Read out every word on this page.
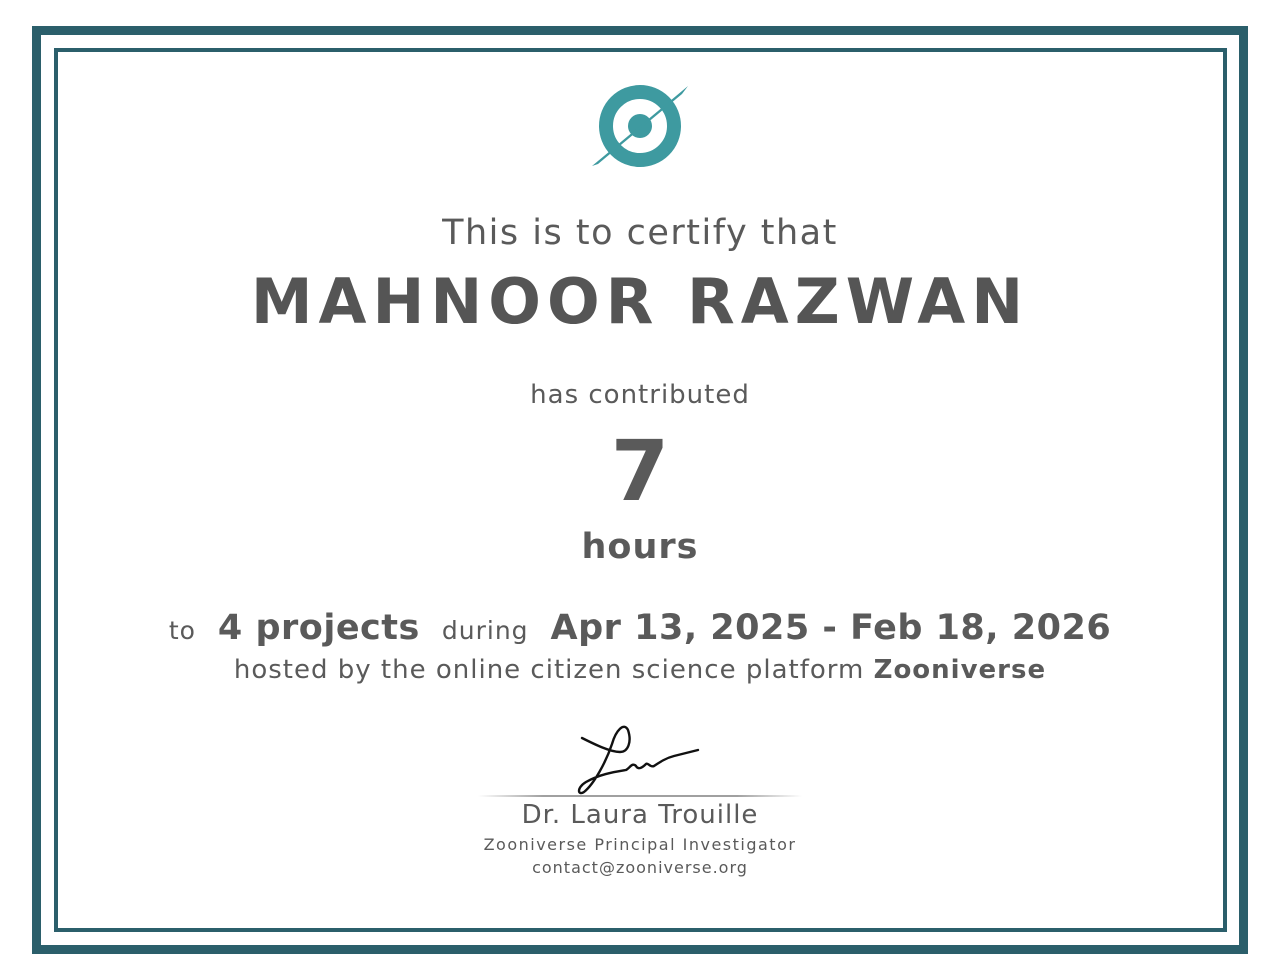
This is to certify that
MAHNOOR RAZWAN
has contributed
7
hours
to 4 projects during Apr 13, 2025 - Feb 18, 2026
hosted by the online citizen science platform Zooniverse
Dr. Laura Trouille
Zooniverse Principal Investigator
contact@zooniverse.org
